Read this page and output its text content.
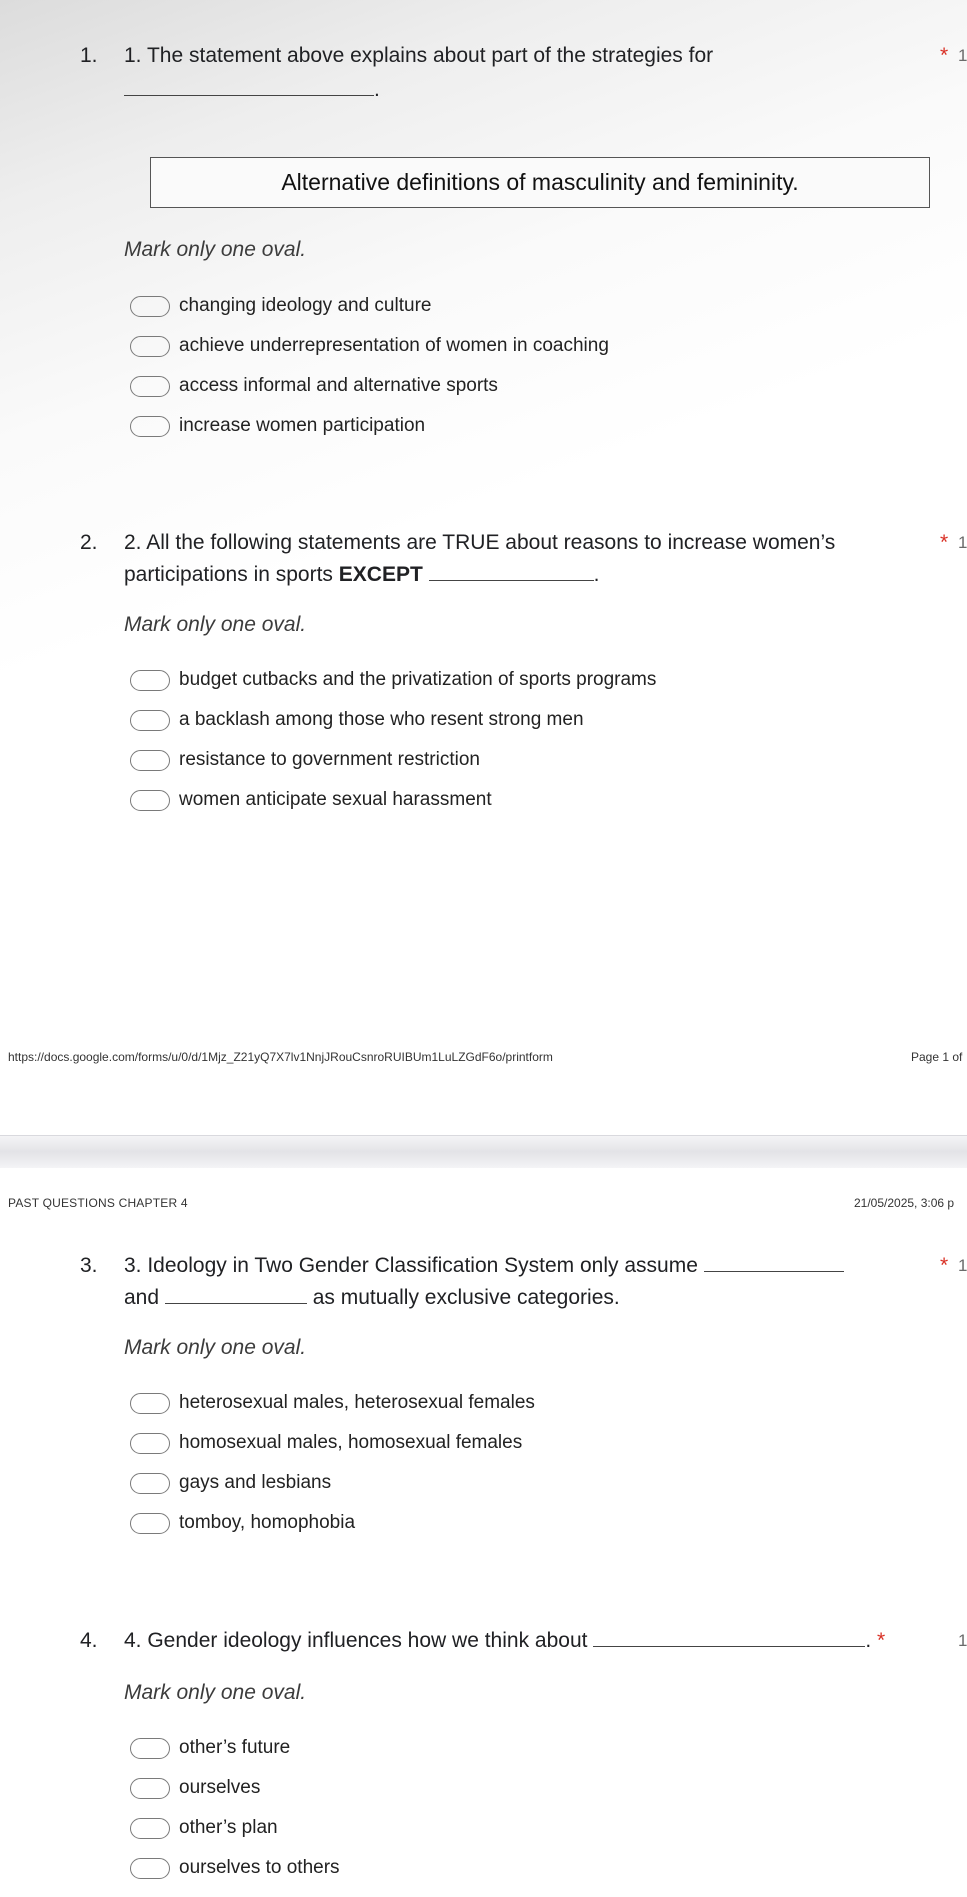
1. 1. The statement above explains about part of the strategies for	* 1
.
Alternative definitions of masculinity and femininity.
Mark only one oval.
changing ideology and culture
achieve underrepresentation of women in coaching
access informal and alternative sports
increase women participation
2. 2. All the following statements are TRUE about reasons to increase women’s	* 1
participations in sports EXCEPT	.
Mark only one oval.
budget cutbacks and the privatization of sports programs
a backlash among those who resent strong men
resistance to government restriction
women anticipate sexual harassment
https://docs.google.com/forms/u/0/d/1Mjz_Z21yQ7X7lv1NnjJRouCsnroRUIBUm1LuLZGdF6o/printform	Page 1 of
PAST QUESTIONS CHAPTER 4	21/05/2025, 3:06 p
3. 3. Ideology in Two Gender Classification System only assume	* 1
and	as mutually exclusive categories.
Mark only one oval.
heterosexual males, heterosexual females
homosexual males, homosexual females
gays and lesbians
tomboy, homophobia
4. 4. Gender ideology influences how we think about	. *	1
Mark only one oval.
other’s future
ourselves
other’s plan
ourselves to others
